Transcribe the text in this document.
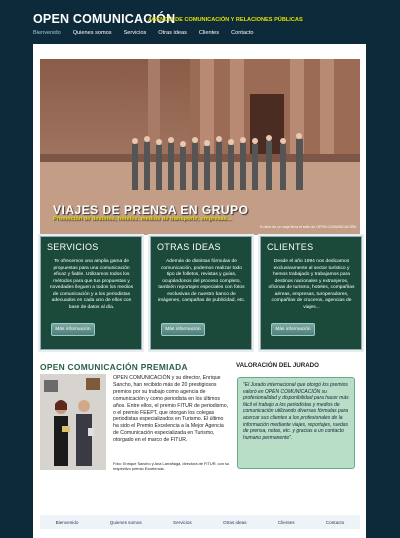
OPEN COMUNICACIÓN
AGENCIA DE COMUNICACIÓN Y RELACIONES PÚBLICAS
Bienvenido Quienes somos Servicios Otras ideas Clientes Contacto
VIAJES DE PRENSA EN GRUPO
Promoción de destinos, hoteles, medios de transporte, empresas...
Tu idea de un viaje lleva el sello de OPEN COMUNICACIÓN
SERVICIOS

Te ofrecemos una amplia gama de propuestas para una comunicación eficaz y fiable. Utilizamos todos los métodos para que tus propuestas y novedades lleguen a todos los medios de comunicación y a los periodistas adecuados en cada uno de ellos con base de datos al día.

Más información
OTRAS IDEAS

Además de distintas fórmulas de comunicación, podemos realizar todo tipo de folletos, revistas y guías, ocupándonos del proceso completo, también reportajes especiales con fotos exclusivas de nuestro banco de imágenes, campañas de publicidad, etc.

Más información
CLIENTES

Desde el año 1994 nos dedicamos exclusivamente al sector turístico y hemos trabajado y trabajamos para destinos nacionales y extranjeros, oficinas de turismo, hoteles, compañías aéreas, empresas, turoperadores, compañías de cruceros, agencias de viajes...

Más información
OPEN COMUNICACIÓN PREMIADA
OPEN COMUNICACIÓN y su director, Enrique Sancho, han recibido más de 20 prestigiosos premios por su trabajo como agencia de comunicación y como periodista en los últimos años. Entre ellos, el premio FITUR de periodismo, o el premio FEEPT, que otorgan los colegas periodistas especializados en Turismo. El último ha sido el Premio Excelencia a la Mejor Agencia de Comunicación especializada en Turismo, otorgado en el marco de FITUR.
Foto: Enrique Sancho y Ana Larrañaga, directora de FITUR, con su respectivo premio Excelencia.
VALORACIÓN DEL JURADO
"El Jurado internacional que otorgó los premios valoró en OPEN COMUNICACIÓN su profesionalidad y disponibilidad para hacer más fácil el trabajo a los periodistas y medios de comunicación utilizando diversas fórmulas para acercar sus clientes a los profesionales de la información mediante viajes, reportajes, ruedas de prensa, notas, etc. y gracias a un contacto humano permanente".
Bienvenido	Quienes somos	Servicios	Otras ideas	Clientes	Contacto
